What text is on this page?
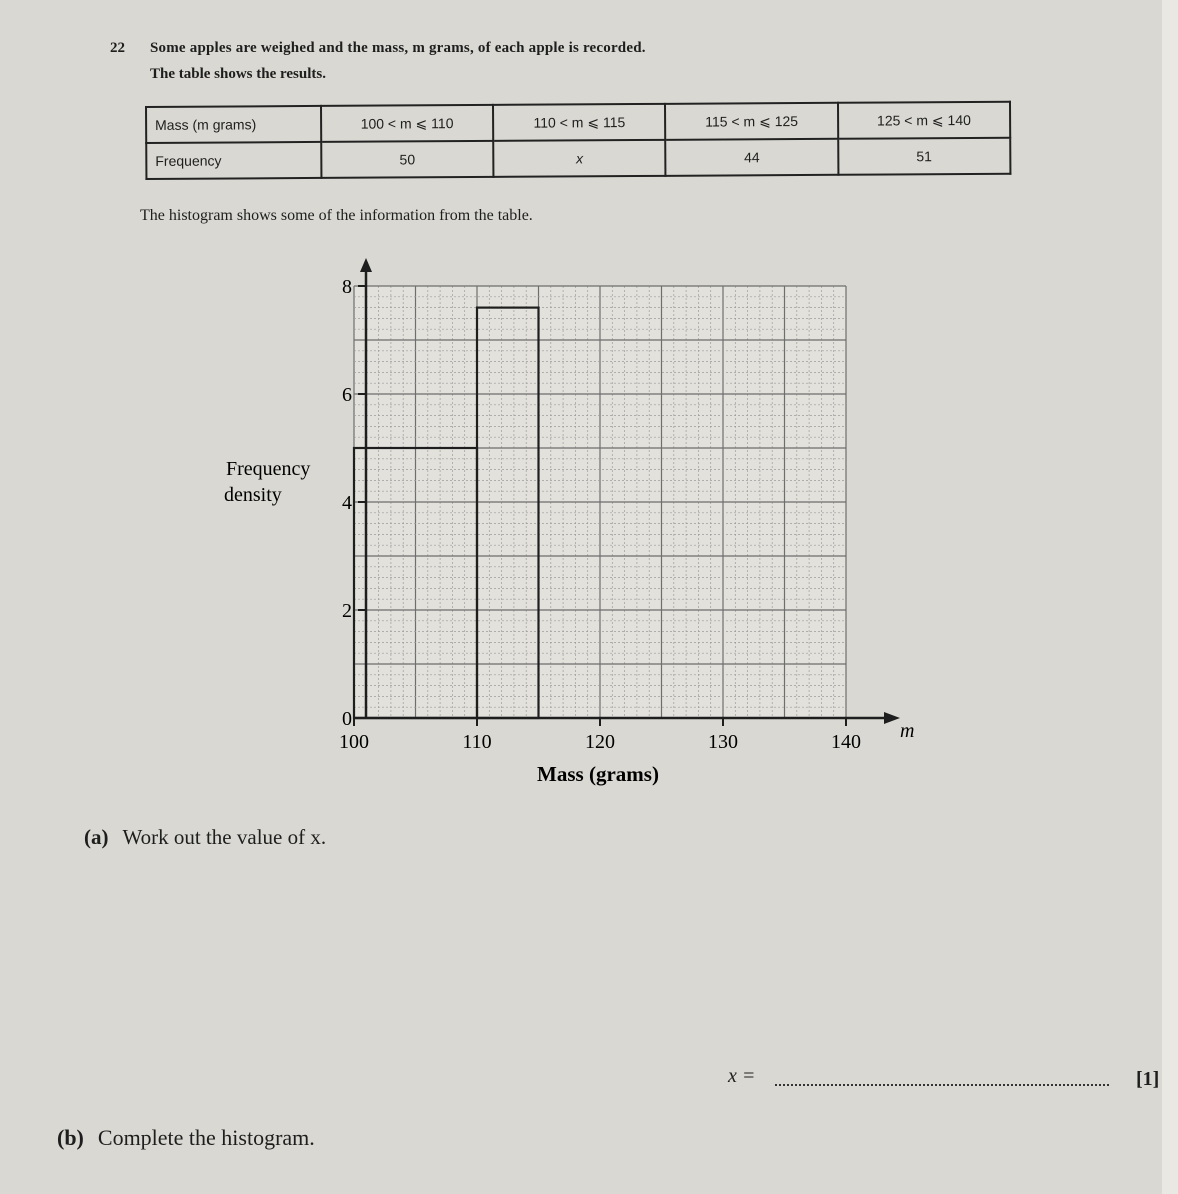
22 Some apples are weighed and the mass, m grams, of each apple is recorded.
The table shows the results.
Mass (m grams)	100 < m ⩽ 110	110 < m ⩽ 115	115 < m ⩽ 125	125 < m ⩽ 140
Frequency	50	x	44	51
The histogram shows some of the information from the table.
100	110	120	130	140
0
2
4
6
8
Frequency
density
Mass (grams)
m
(a) Work out the value of x.
x =	[1]
(b) Complete the histogram.
